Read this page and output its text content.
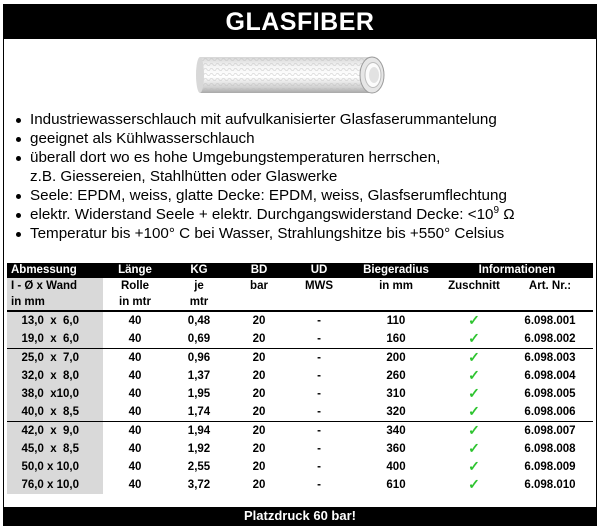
GLASFIBER
Industriewasserschlauch mit aufvulkanisierter Glasfaserummantelung
geeignet als Kühlwasserschlauch
überall dort wo es hohe Umgebungstemperaturen herrschen,
z.B. Giessereien, Stahlhütten oder Glaswerke
Seele: EPDM, weiss, glatte Decke: EPDM, weiss, Glasfserumflechtung
elektr. Widerstand Seele + elektr. Durchgangswiderstand Decke: $<10^9$ Ω
Temperatur bis +100° C bei Wasser, Strahlungshitze bis +550° Celsius
Abmessung	Länge	KG	BD	UD	Biegeradius	Informationen	
I - Ø x Wand	Rolle	je	bar	MWS	in mm	Zuschnitt	Art. Nr.:
in mm	in mtr	mtr					
13,0  x  6,0	40	0,48	20	-	110	✓	6.098.001
19,0  x  6,0	40	0,69	20	-	160	✓	6.098.002
25,0  x  7,0	40	0,96	20	-	200	✓	6.098.003
32,0  x  8,0	40	1,37	20	-	260	✓	6.098.004
38,0  x10,0	40	1,95	20	-	310	✓	6.098.005
40,0  x  8,5	40	1,74	20	-	320	✓	6.098.006
42,0  x  9,0	40	1,94	20	-	340	✓	6.098.007
45,0  x  8,5	40	1,92	20	-	360	✓	6.098.008
50,0 x 10,0	40	2,55	20	-	400	✓	6.098.009
76,0 x 10,0	40	3,72	20	-	610	✓	6.098.010
Platzdruck 60 bar!
